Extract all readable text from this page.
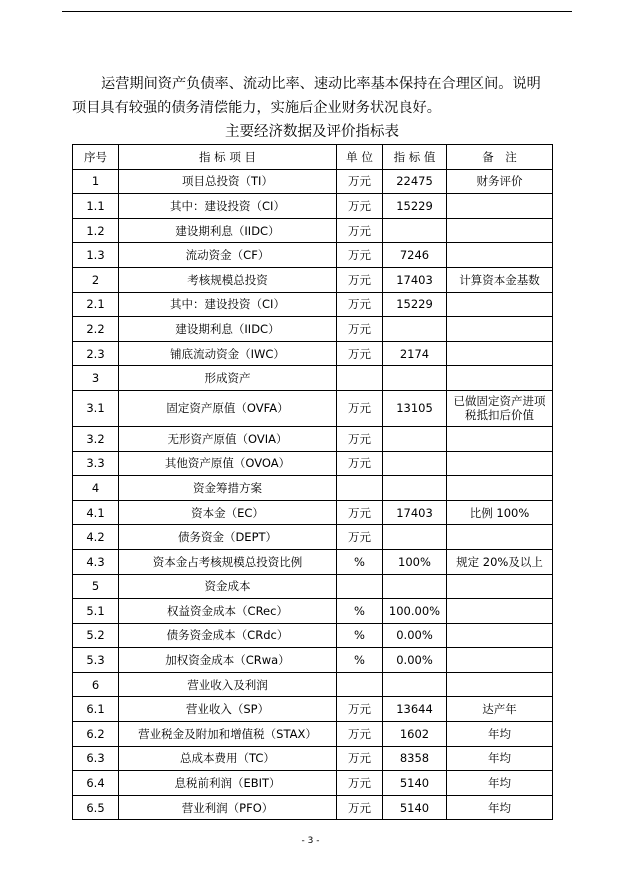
运营期间资产负债率、流动比率、速动比率基本保持在合理区间。说明项目具有较强的债务清偿能力，实施后企业财务状况良好。

主要经济数据及评价指标表
序号	指 标 项 目	单 位	指 标 值	备　注
1	项目总投资（TI）	万元	22475	财务评价
1.1	其中：建设投资（CI）	万元	15229	
1.2	建设期利息（IIDC）	万元		
1.3	流动资金（CF）	万元	7246	
2	考核规模总投资	万元	17403	计算资本金基数
2.1	其中：建设投资（CI）	万元	15229	
2.2	建设期利息（IIDC）	万元		
2.3	铺底流动资金（IWC）	万元	2174	
3	形成资产			
3.1	固定资产原值（OVFA）	万元	13105	已做固定资产进项税抵扣后价值
3.2	无形资产原值（OVIA）	万元		
3.3	其他资产原值（OVOA）	万元		
4	资金筹措方案			
4.1	资本金（EC）	万元	17403	比例 100%
4.2	债务资金（DEPT）	万元		
4.3	资本金占考核规模总投资比例	%	100%	规定 20%及以上
5	资金成本			
5.1	权益资金成本（CRec）	%	100.00%	
5.2	债务资金成本（CRdc）	%	0.00%	
5.3	加权资金成本（CRwa）	%	0.00%	
6	营业收入及利润			
6.1	营业收入（SP）	万元	13644	达产年
6.2	营业税金及附加和增值税（STAX）	万元	1602	年均
6.3	总成本费用（TC）	万元	8358	年均
6.4	息税前利润（EBIT）	万元	5140	年均
6.5	营业利润（PFO）	万元	5140	年均
- 3 -
